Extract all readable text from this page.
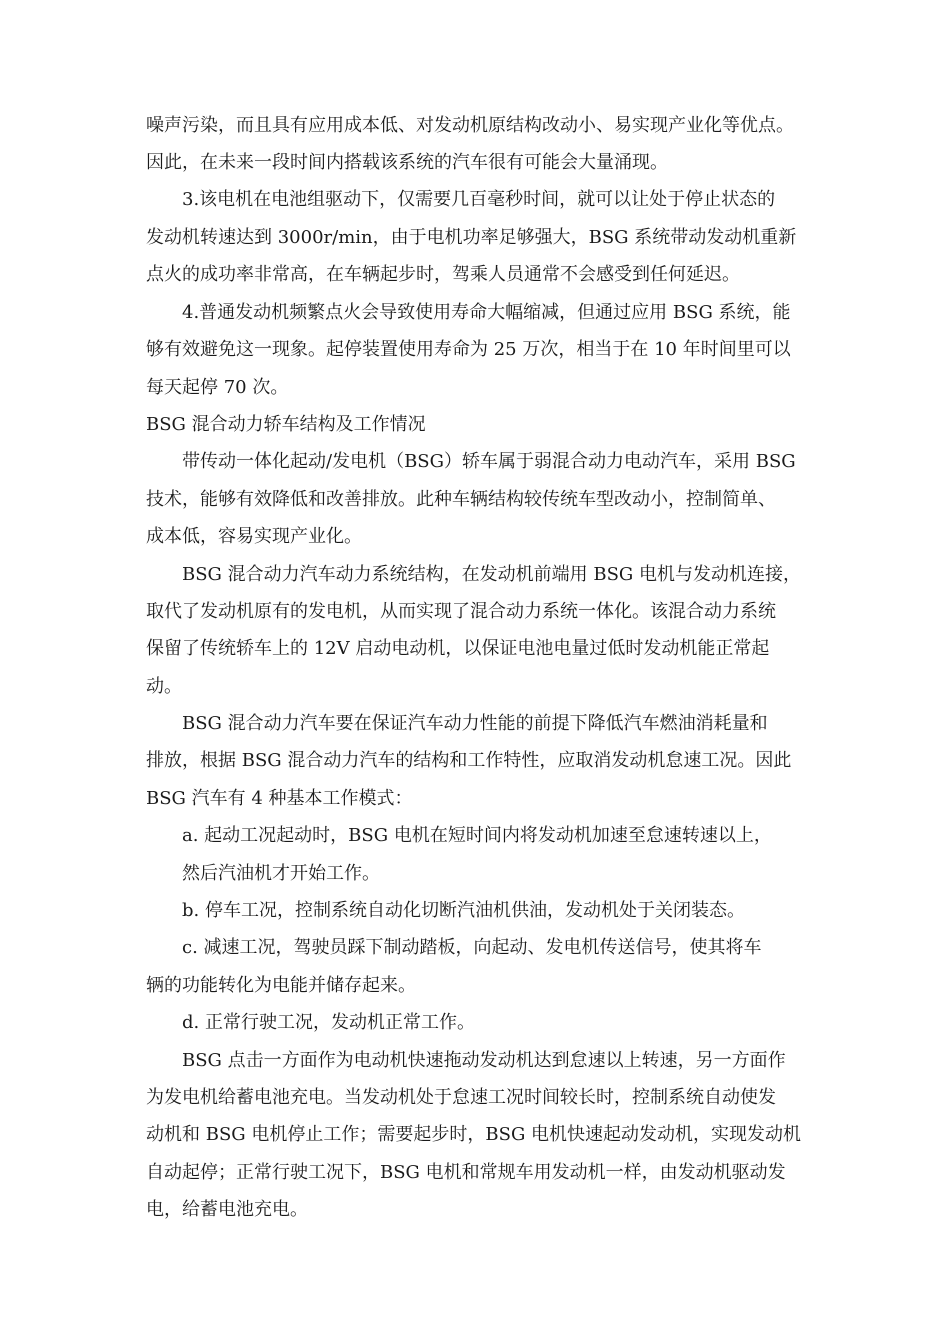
噪声污染，而且具有应用成本低、对发动机原结构改动小、易实现产业化等优点。
因此，在未来一段时间内搭载该系统的汽车很有可能会大量涌现。
3.该电机在电池组驱动下，仅需要几百毫秒时间，就可以让处于停止状态的
发动机转速达到 3000r/min，由于电机功率足够强大，BSG 系统带动发动机重新
点火的成功率非常高，在车辆起步时，驾乘人员通常不会感受到任何延迟。
4.普通发动机频繁点火会导致使用寿命大幅缩减，但通过应用 BSG 系统，能
够有效避免这一现象。起停装置使用寿命为 25 万次，相当于在 10 年时间里可以
每天起停 70 次。
BSG 混合动力轿车结构及工作情况
带传动一体化起动/发电机（BSG）轿车属于弱混合动力电动汽车，采用 BSG
技术，能够有效降低和改善排放。此种车辆结构较传统车型改动小，控制简单、
成本低，容易实现产业化。
BSG 混合动力汽车动力系统结构，在发动机前端用 BSG 电机与发动机连接，
取代了发动机原有的发电机，从而实现了混合动力系统一体化。该混合动力系统
保留了传统轿车上的 12V 启动电动机，以保证电池电量过低时发动机能正常起
动。
BSG 混合动力汽车要在保证汽车动力性能的前提下降低汽车燃油消耗量和
排放，根据 BSG 混合动力汽车的结构和工作特性，应取消发动机怠速工况。因此
BSG 汽车有 4 种基本工作模式：
a. 起动工况起动时，BSG 电机在短时间内将发动机加速至怠速转速以上，
然后汽油机才开始工作。
b. 停车工况，控制系统自动化切断汽油机供油，发动机处于关闭装态。
c. 减速工况，驾驶员踩下制动踏板，向起动、发电机传送信号，使其将车
辆的功能转化为电能并储存起来。
d. 正常行驶工况，发动机正常工作。
BSG 点击一方面作为电动机快速拖动发动机达到怠速以上转速，另一方面作
为发电机给蓄电池充电。当发动机处于怠速工况时间较长时，控制系统自动使发
动机和 BSG 电机停止工作；需要起步时，BSG 电机快速起动发动机，实现发动机
自动起停；正常行驶工况下，BSG 电机和常规车用发动机一样，由发动机驱动发
电，给蓄电池充电。
